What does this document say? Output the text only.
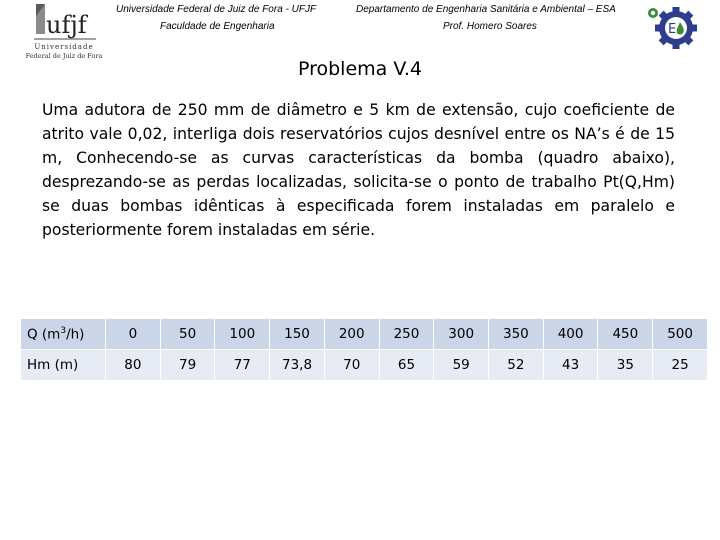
ufjf
Universidade
Federal de Juiz de Fora
Universidade Federal de Juiz de Fora - UFJF	Departamento de Engenharia Sanitária e Ambiental – ESA
Faculdade de Engenharia	Prof. Homero Soares	E
Problema V.4
Uma adutora de 250 mm de diâmetro e 5 km de extensão, cujo coeficiente de atrito vale 0,02, interliga dois reservatórios cujos desnível entre os NA’s é de 15 m, Conhecendo-se as curvas características da bomba (quadro abaixo), desprezando-se as perdas localizadas, solicita-se o ponto de trabalho Pt(Q,Hm) se duas bombas idênticas à especificada forem instaladas em paralelo e posteriormente forem instaladas em série.
Q $(m^3/h)$	0	50	100	150	200	250	300	350	400	450	500
Hm (m)	80	79	77	73,8	70	65	59	52	43	35	25
